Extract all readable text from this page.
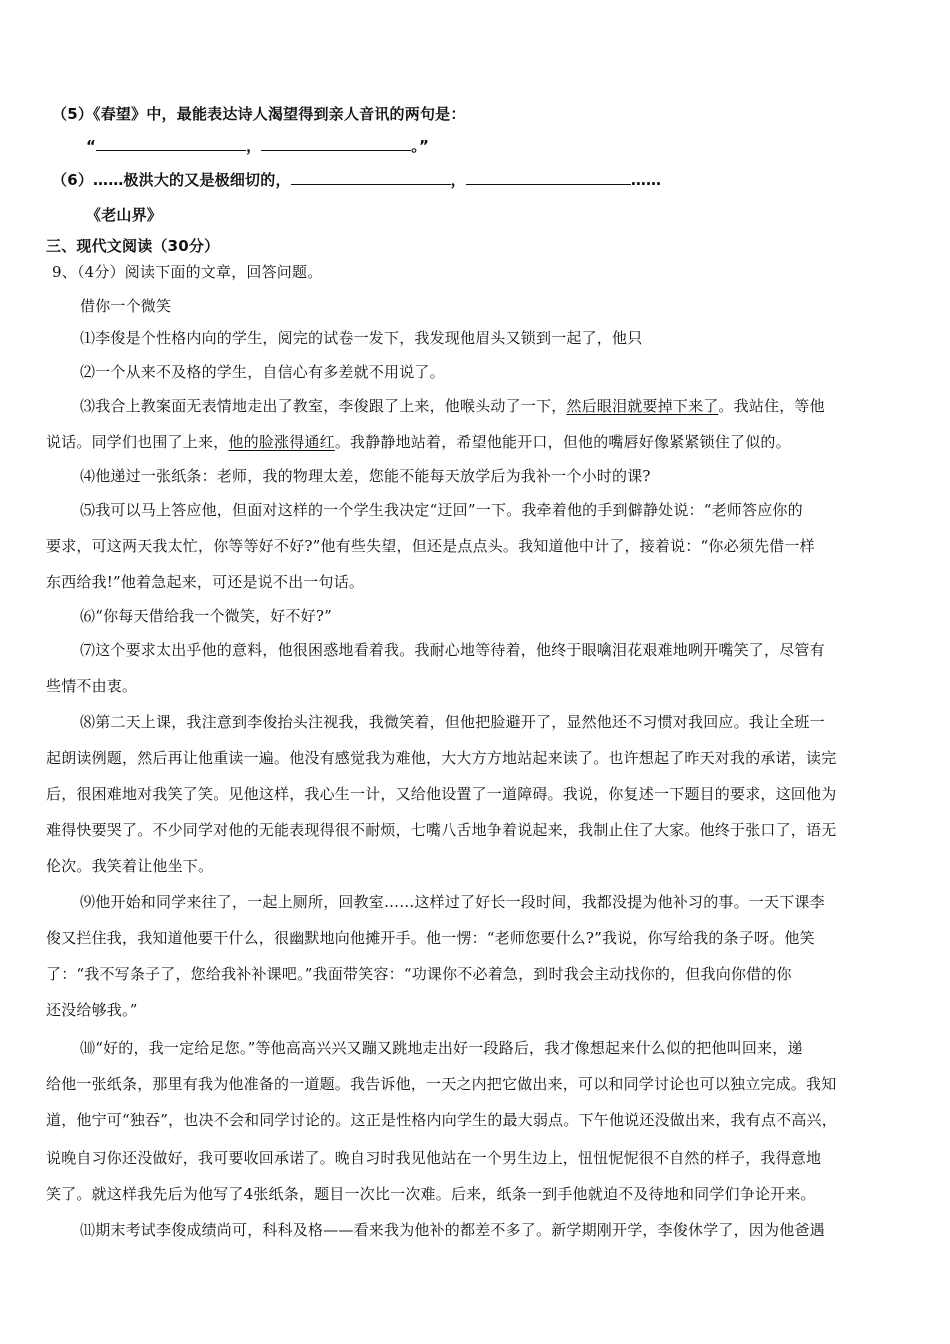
（5）《春望》中，最能表达诗人渴望得到亲人音讯的两句是：
“	，	。”
（6）……极洪大的又是极细切的，	，	……
《老山界》
三、现代文阅读（30分）
9、（4分）阅读下面的文章，回答问题。
借你一个微笑
⑴李俊是个性格内向的学生，阅完的试卷一发下，我发现他眉头又锁到一起了，他只
⑵一个从来不及格的学生，自信心有多差就不用说了。
⑶我合上教案面无表情地走出了教室，李俊跟了上来，他喉头动了一下，然后眼泪就要掉下来了。我站住，等他
说话。同学们也围了上来，他的脸涨得通红。我静静地站着，希望他能开口，但他的嘴唇好像紧紧锁住了似的。
⑷他递过一张纸条：老师，我的物理太差，您能不能每天放学后为我补一个小时的课?
⑸我可以马上答应他，但面对这样的一个学生我决定“迂回”一下。我牵着他的手到僻静处说：“老师答应你的
要求，可这两天我太忙，你等等好不好?”他有些失望，但还是点点头。我知道他中计了，接着说：“你必须先借一样
东西给我!”他着急起来，可还是说不出一句话。
⑹“你每天借给我一个微笑，好不好?”
⑺这个要求太出乎他的意料，他很困惑地看着我。我耐心地等待着，他终于眼噙泪花艰难地咧开嘴笑了，尽管有
些情不由衷。
⑻第二天上课，我注意到李俊抬头注视我，我微笑着，但他把脸避开了，显然他还不习惯对我回应。我让全班一
起朗读例题，然后再让他重读一遍。他没有感觉我为难他，大大方方地站起来读了。也许想起了昨天对我的承诺，读完
后，很困难地对我笑了笑。见他这样，我心生一计，又给他设置了一道障碍。我说，你复述一下题目的要求，这回他为
难得快要哭了。不少同学对他的无能表现得很不耐烦，七嘴八舌地争着说起来，我制止住了大家。他终于张口了，语无
伦次。我笑着让他坐下。
⑼他开始和同学来往了，一起上厕所，回教室……这样过了好长一段时间，我都没提为他补习的事。一天下课李
俊又拦住我，我知道他要干什么，很幽默地向他摊开手。他一愣：“老师您要什么?”我说，你写给我的条子呀。他笑
了：“我不写条子了，您给我补补课吧。”我面带笑容：“功课你不必着急，到时我会主动找你的，但我向你借的你
还没给够我。”
⑽“好的，我一定给足您。”等他高高兴兴又蹦又跳地走出好一段路后，我才像想起来什么似的把他叫回来，递
给他一张纸条，那里有我为他准备的一道题。我告诉他，一天之内把它做出来，可以和同学讨论也可以独立完成。我知
道，他宁可“独吞”，也决不会和同学讨论的。这正是性格内向学生的最大弱点。下午他说还没做出来，我有点不高兴，
说晚自习你还没做好，我可要收回承诺了。晚自习时我见他站在一个男生边上，忸忸怩怩很不自然的样子，我得意地
笑了。就这样我先后为他写了4张纸条，题目一次比一次难。后来，纸条一到手他就迫不及待地和同学们争论开来。
⑾期末考试李俊成绩尚可，科科及格——看来我为他补的都差不多了。新学期刚开学，李俊休学了，因为他爸遇
